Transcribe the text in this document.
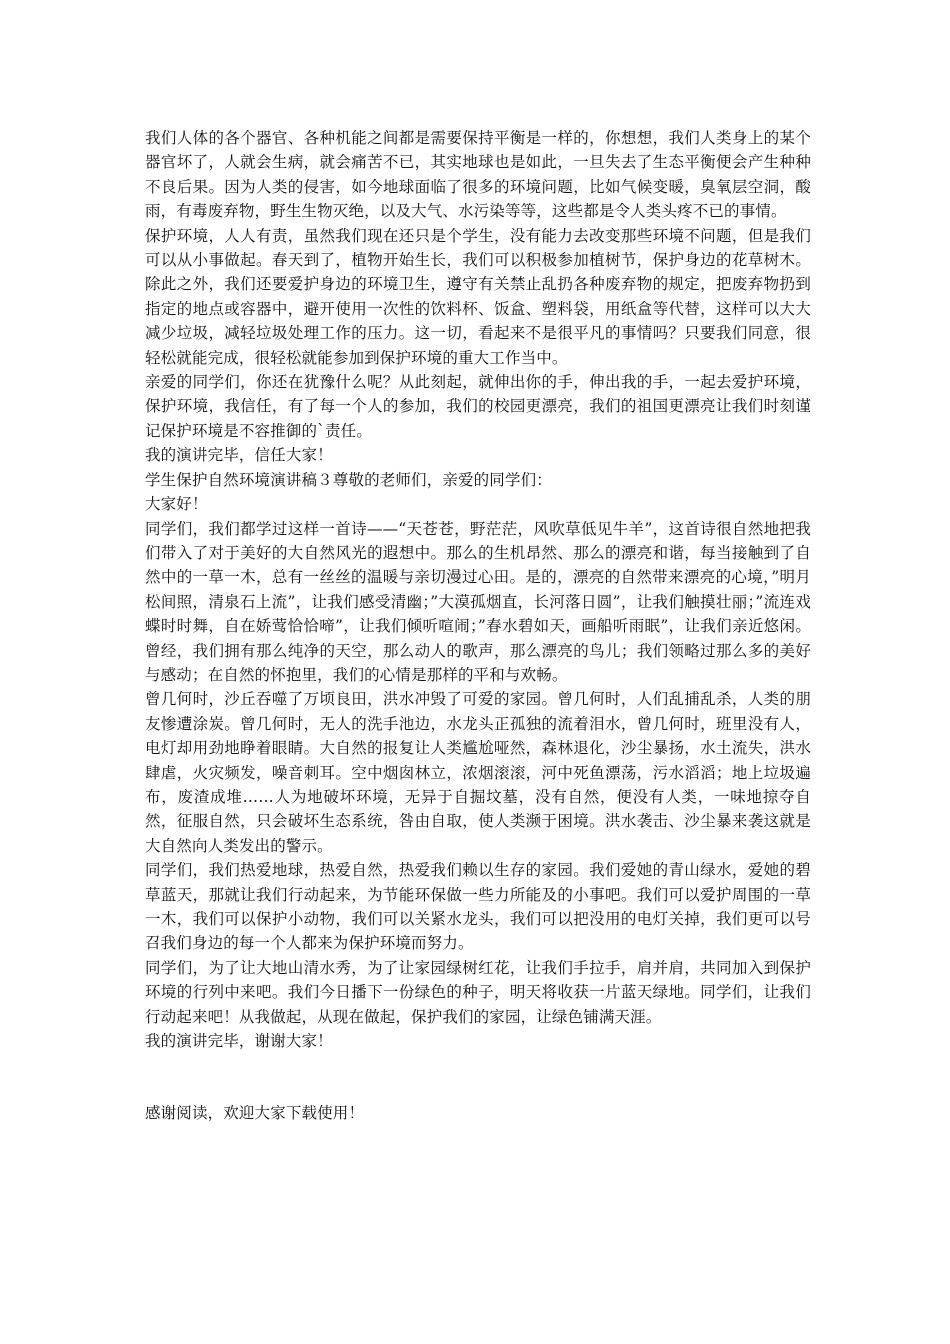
我们人体的各个器官、各种机能之间都是需要保持平衡是一样的，你想想，我们人类身上的某个器官坏了，人就会生病，就会痛苦不已，其实地球也是如此，一旦失去了生态平衡便会产生种种不良后果。因为人类的侵害，如今地球面临了很多的环境问题，比如气候变暖，臭氧层空洞，酸雨，有毒废弃物，野生生物灭绝，以及大气、水污染等等，这些都是令人类头疼不已的事情。

保护环境，人人有责，虽然我们现在还只是个学生，没有能力去改变那些环境不问题，但是我们可以从小事做起。春天到了，植物开始生长，我们可以积极参加植树节，保护身边的花草树木。除此之外，我们还要爱护身边的环境卫生，遵守有关禁止乱扔各种废弃物的规定，把废弃物扔到指定的地点或容器中，避开使用一次性的饮料杯、饭盒、塑料袋，用纸盒等代替，这样可以大大减少垃圾，减轻垃圾处理工作的压力。这一切，看起来不是很平凡的事情吗？只要我们同意，很轻松就能完成，很轻松就能参加到保护环境的重大工作当中。

亲爱的同学们，你还在犹豫什么呢？从此刻起，就伸出你的手，伸出我的手，一起去爱护环境，保护环境，我信任，有了每一个人的参加，我们的校园更漂亮，我们的祖国更漂亮让我们时刻谨记保护环境是不容推御的`责任。

我的演讲完毕，信任大家！

学生保护自然环境演讲稿３尊敬的老师们，亲爱的同学们：

大家好！

同学们，我们都学过这样一首诗——“天苍苍，野茫茫，风吹草低见牛羊”，这首诗很自然地把我们带入了对于美好的大自然风光的遐想中。那么的生机昂然、那么的漂亮和谐，每当接触到了自然中的一草一木，总有一丝丝的温暖与亲切漫过心田。是的，漂亮的自然带来漂亮的心境，”明月松间照，清泉石上流”，让我们感受清幽；”大漠孤烟直，长河落日圆”，让我们触摸壮丽；”流连戏蝶时时舞，自在娇莺恰恰啼”，让我们倾听喧闹；”春水碧如天，画船听雨眠”，让我们亲近悠闲。曾经，我们拥有那么纯净的天空，那么动人的歌声，那么漂亮的鸟儿；我们领略过那么多的美好与感动；在自然的怀抱里，我们的心情是那样的平和与欢畅。

曾几何时，沙丘吞噬了万顷良田，洪水冲毁了可爱的家园。曾几何时，人们乱捕乱杀，人类的朋友惨遭涂炭。曾几何时，无人的洗手池边，水龙头正孤独的流着泪水，曾几何时，班里没有人，电灯却用劲地睁着眼睛。大自然的报复让人类尴尬哑然，森林退化，沙尘暴扬，水土流失，洪水肆虐，火灾频发，噪音刺耳。空中烟囱林立，浓烟滚滚，河中死鱼漂荡，污水滔滔；地上垃圾遍布，废渣成堆……人为地破坏环境，无异于自掘坟墓，没有自然，便没有人类，一味地掠夺自然，征服自然，只会破坏生态系统，咎由自取，使人类濒于困境。洪水袭击、沙尘暴来袭这就是大自然向人类发出的警示。

同学们，我们热爱地球，热爱自然，热爱我们赖以生存的家园。我们爱她的青山绿水，爱她的碧草蓝天，那就让我们行动起来，为节能环保做一些力所能及的小事吧。我们可以爱护周围的一草一木，我们可以保护小动物，我们可以关紧水龙头，我们可以把没用的电灯关掉，我们更可以号召我们身边的每一个人都来为保护环境而努力。

同学们，为了让大地山清水秀，为了让家园绿树红花，让我们手拉手，肩并肩，共同加入到保护环境的行列中来吧。我们今日播下一份绿色的种子，明天将收获一片蓝天绿地。同学们，让我们行动起来吧！从我做起，从现在做起，保护我们的家园，让绿色铺满天涯。

我的演讲完毕，谢谢大家！

感谢阅读，欢迎大家下载使用！
